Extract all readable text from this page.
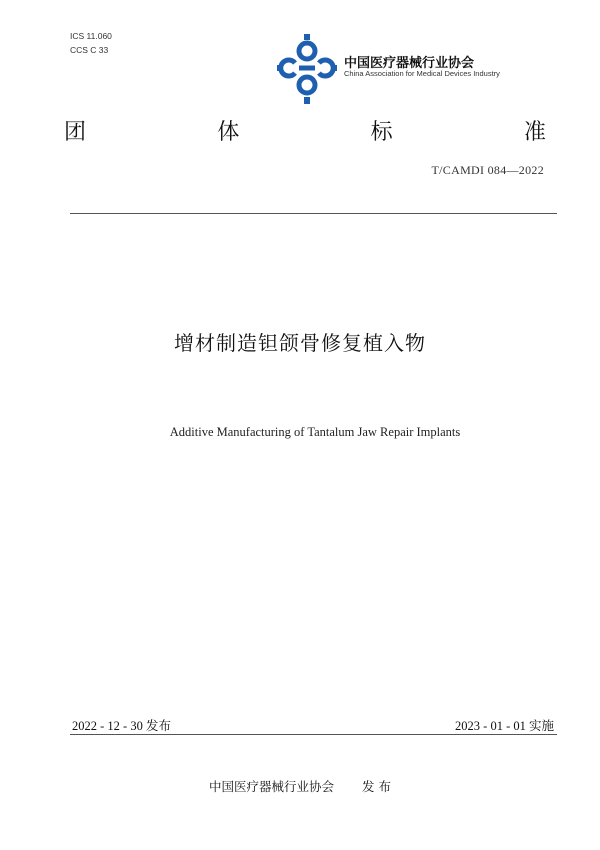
ICS 11.060
CCS C 33
中国医疗器械行业协会
China Association for Medical Devices Industry
团	体	标	准
T/CAMDI 084—2022
增材制造钽颌骨修复植入物
Additive Manufacturing of Tantalum Jaw Repair Implants
2022 - 12 - 30 发布	2023 - 01 - 01 实施
中国医疗器械行业协会 发 布
